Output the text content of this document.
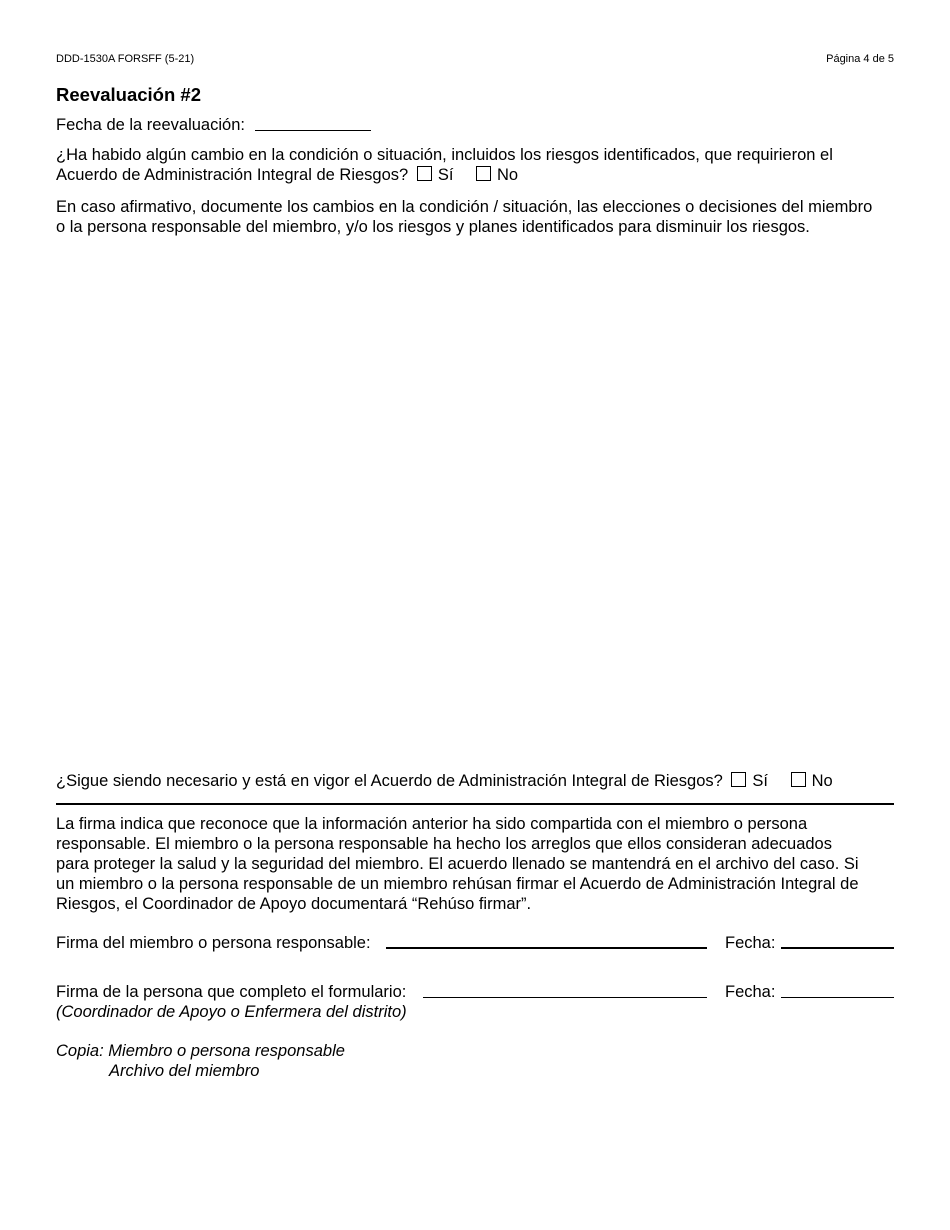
DDD-1530A FORSFF (5-21)	Página 4 de 5
Reevaluación #2
Fecha de la reevaluación:
¿Ha habido algún cambio en la condición o situación, incluidos los riesgos identificados, que requirieron el
Acuerdo de Administración Integral de Riesgos? Sí	No
En caso afirmativo, documente los cambios en la condición / situación, las elecciones o decisiones del miembro
o la persona responsable del miembro, y/o los riesgos y planes identificados para disminuir los riesgos.
¿Sigue siendo necesario y está en vigor el Acuerdo de Administración Integral de Riesgos? Sí	No
La firma indica que reconoce que la información anterior ha sido compartida con el miembro o persona
responsable. El miembro o la persona responsable ha hecho los arreglos que ellos consideran adecuados
para proteger la salud y la seguridad del miembro. El acuerdo llenado se mantendrá en el archivo del caso. Si
un miembro o la persona responsable de un miembro rehúsan firmar el Acuerdo de Administración Integral de
Riesgos, el Coordinador de Apoyo documentará “Rehúso firmar”.
Firma del miembro o persona responsable:	Fecha:
Firma de la persona que completo el formulario:	Fecha:
(Coordinador de Apoyo o Enfermera del distrito)
Copia: Miembro o persona responsable
Archivo del miembro
